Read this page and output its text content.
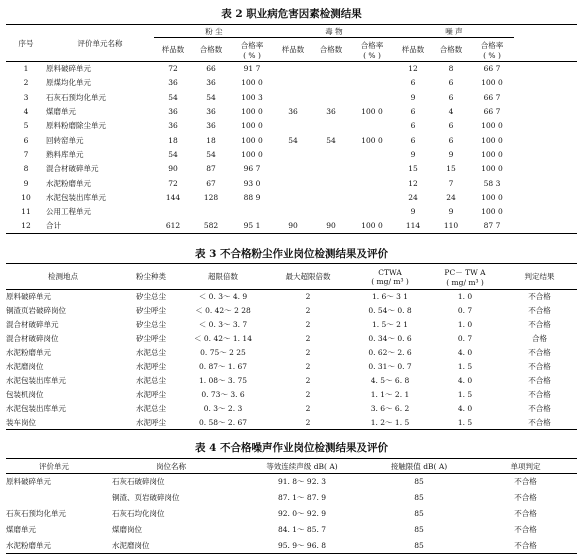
表 2 职业病危害因素检测结果
序号	评价单元名称	粉 尘			毒 物			噪 声			
		样品数	合格数	合格率
( % )	样品数	合格数	合格率
( % )	样品数	合格数	合格率
( % )	
1	原料破碎单元	72	66	91 7				12	8	66 7	
2	原煤均化单元	36	36	100 0				6	6	100 0	
3	石灰石预均化单元	54	54	100 3				9	6	66 7	
4	煤磨单元	36	36	100 0	36	36	100 0	6	4	66 7	
5	原料粉磨除尘单元	36	36	100 0				6	6	100 0	
6	回转窑单元	18	18	100 0	54	54	100 0	6	6	100 0	
7	熟料库单元	54	54	100 0				9	9	100 0	
8	混合材破碎单元	90	87	96 7				15	15	100 0	
9	水泥粉磨单元	72	67	93 0				12	7	58 3	
10	水泥包装出库单元	144	128	88 9				24	24	100 0	
11	公用工程单元							9	9	100 0	
12	合计	612	582	95 1	90	90	100 0	114	110	87 7	
表 3 不合格粉尘作业岗位检测结果及评价
检测地点	粉尘种类	超限倍数	最大超限倍数	CTWA
( mg/ m³ )	PC－ TW A
( mg/ m³ )	判定结果
原料破碎单元	矽尘总尘	＜ 0. 3～ 4. 9	2	1. 6～ 3 1	1. 0	不合格
铜渣页岩破碎岗位	矽尘呼尘	＜ 0. 42～ 2 28	2	0. 54～ 0. 8	0. 7	不合格
混合材破碎单元	矽尘总尘	＜ 0. 3～ 3. 7	2	1. 5～ 2 1	1. 0	不合格
混合材破碎岗位	矽尘呼尘	＜ 0. 42～ 1. 14	2	0. 34～ 0. 6	0. 7	合格
水泥粉磨单元	水泥总尘	0. 75～ 2 25	2	0. 62～ 2. 6	4. 0	不合格
水泥磨岗位	水泥呼尘	0. 87～ 1. 67	2	0. 31～ 0. 7	1. 5	不合格
水泥包装出库单元	水泥总尘	1. 08～ 3. 75	2	4. 5～ 6. 8	4. 0	不合格
包装机岗位	水泥呼尘	0. 73～ 3. 6	2	1. 1～ 2. 1	1. 5	不合格
水泥包装出库单元	水泥总尘	0. 3～ 2. 3	2	3. 6～ 6. 2	4. 0	不合格
装车岗位	水泥呼尘	0. 58～ 2. 67	2	1. 2～ 1. 5	1. 5	不合格
表 4 不合格噪声作业岗位检测结果及评价
评价单元	岗位名称	等效连续声级 dB( A)	接触限值 dB( A)	单项判定
原料破碎单元	石灰石破碎岗位	91. 8～ 92. 3	85	不合格
	铜渣、页岩破碎岗位	87. 1～ 87. 9	85	不合格
石灰石预均化单元	石灰石均化岗位	92. 0～ 92. 9	85	不合格
煤磨单元	煤磨岗位	84. 1～ 85. 7	85	不合格
水泥粉磨单元	水泥磨岗位	95. 9～ 96. 8	85	不合格
